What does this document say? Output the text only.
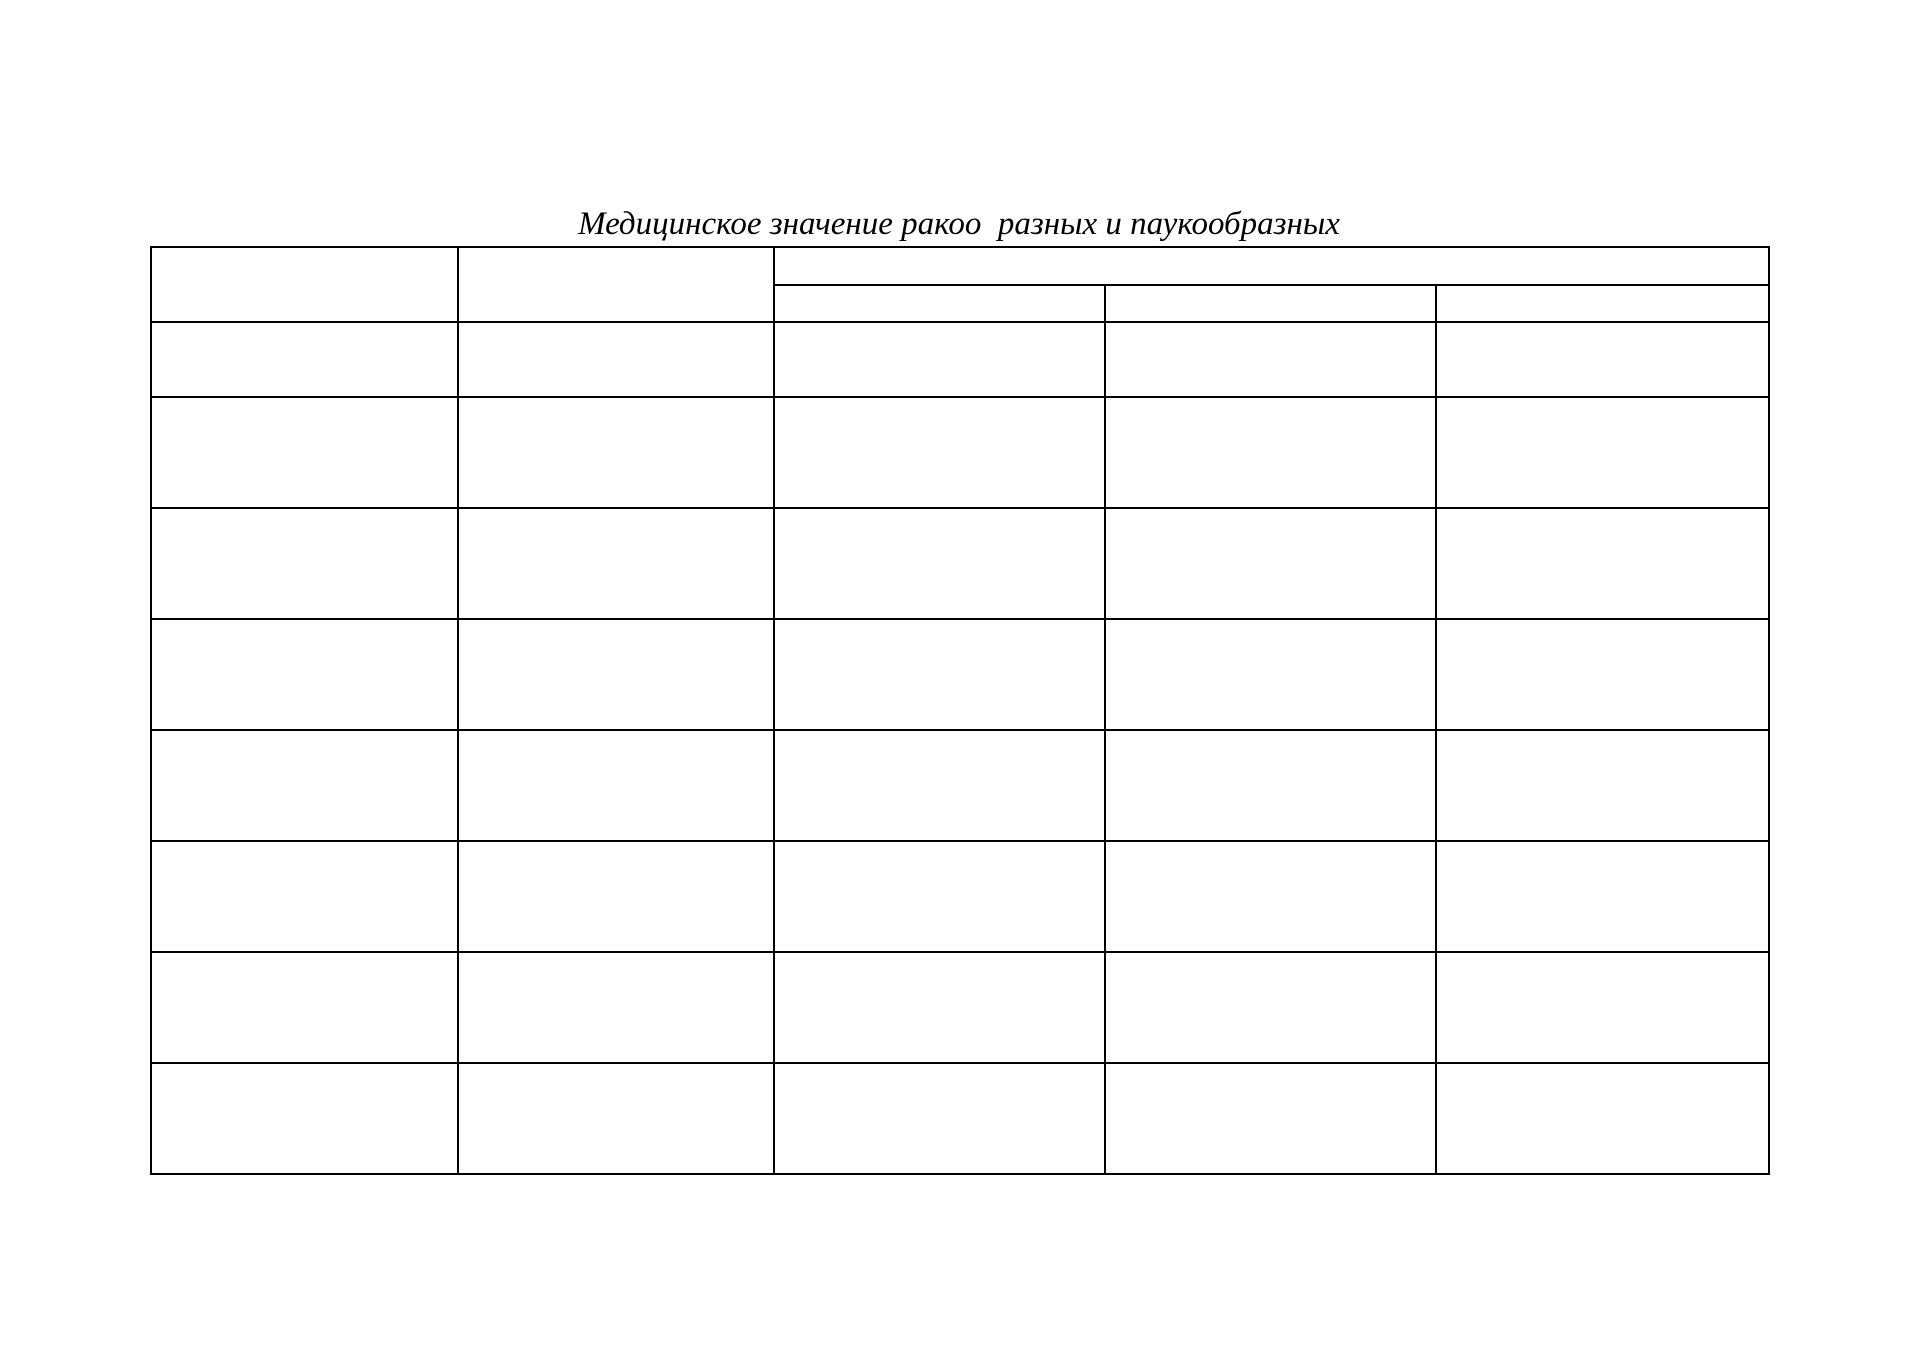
Медицинское значение ракоо  разных и паукообразных
